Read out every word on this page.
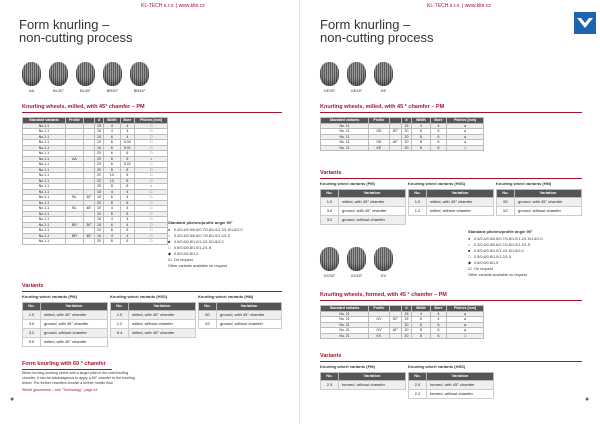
KL-TECH s.r.o. | www.klte.cz
Form knurling –
non-cutting process
AA	BL30°	BL45°	BR30°	BR45°
Knurling wheels, milled, with 45° chamfer – PM
Standard variants	Profile		d	Width	Bore	Pitches [mm]
No.1.1			15	4	4	□
No.1.1			15	4	4	□
No.1.1			15	6	4	□
No.1.1			15	6	6.00	□
No.1.1			15	6	6.01	□
No.1.1			20	6	6	□
No.1.1	AA		20	8	6	•
No.1.1			20	8	6.01	□
No.1.1			20	8	8	□
No.1.1			20	10	6	□
No.1.1			20	10	8	□
No.1.1			25	8	8	•
No.1.1			15	4	4	□
No.1.1	BL	30°	15	6	4	□
No.1.1			20	8	6	□
No.1.1	BL	45°	15	4	4	□
No.1.1			20	8	6	□
No.1.1			15	4	4	□
No.1.1	BR	30°	15	6	4	□
No.1.1			20	8	6	□
No.1.1	BR	45°	15	4	4	□
No.1.1			20	8	6	□
Standard pitches/profile angle 90°
● 0.3/0.4/0.5/0.6/0.7/0.8/1.0/1.2/1.5/1.6/2.0
○ 0.3/0.4/0.5/0.6/0.7/0.8/1.0/1.2/1.5
■ 0.5/0.6/0.8/1.0/1.2/1.5/1.6/2.0
□ 0.5/0.6/0.8/1.0/1.2/1.5
◆ 0.5/0.6/0.8/1.0
☑ On request
Other variants available on request
Variants
Knurling wheel variants (PM)
No.	Variation
1.0	milled, with 45° chamfer
3.0	ground, with 45° chamfer
3.2	ground, without chamfer
9.0	milled, with 45° chamfer
Knurling wheel variants (HSS)
No.	Variation
1.0	milled, with 45° chamfer
1.2	milled, without chamfer
9.4	milled, with 45° chamfer
Knurling wheel variants (HM)
No.	Variation
50	ground, with 45° chamfer
52	ground, without chamfer
Form knurling with 60 ° chamfer
When forming knurling wheel with a larger pitch is the cold knurling chamfer. It can be advantageous to apply a 60° chamfer to the knurling wheel. The further chamfers choose a further mobile flow.
Wheel geometries – see "Technology", page 44
●
KL-TECH s.r.o. | www.klte.cz
Form knurling –
non-cutting process
GE30°	GE45°	KE
Knurling wheels, milled, with 45 ° chamfer – PM
Standard variants	Profile		d	Width	Bore	Pitches [mm]
No. 11			15	4	4	●
No. 11	GE	30°	20	6	6	●
No. 11			20	8	6	●
No. 11	GE	45°	20	8	6	●
No. 11	KE		20	8	6	□
Variants
Knurling wheel variants (PM)
No.	Variation
1.0	milled, with 45° chamfer
3.0	ground, with 45° chamfer
3.2	ground, without chamfer
Knurling wheel variants (HSS)
No.	Variation
1.0	milled, with 45° chamfer
1.2	milled, without chamfer
Knurling wheel variants (HM)
No.	Variation
50	ground, with 45° chamfer
52	ground, without chamfer
GV30°	GV45°	KV
Standard pitches/profile angle 90°
● 0.3/0.4/0.5/0.6/0.7/0.8/1.0/1.2/1.5/1.6/2.0
○ 0.3/0.4/0.5/0.6/0.7/0.8/1.0/1.2/1.5
■ 0.5/0.6/0.8/1.0/1.2/1.5/1.6/2.0
□ 0.5/0.6/0.8/1.0/1.2/1.5
◆ 0.5/0.6/0.8/1.0
☑ On request
Other variants available on request
Knurling wheels, formed, with 45 ° chamfer – PM
Standard variants	Profile		d	Width	Bore	Pitches [mm]
No. 21			15	4	4	●
No. 21	GV	30°	15	6	4	●
No. 21			20	8	6	●
No. 21	GV	45°	20	8	6	●
No. 21	KV		20	8	6	□
Variants
Knurling wheel variants (PM)
No.	Variation
2.3	formed, without chamfer
Knurling wheel variants (HSS)
No.	Variation
2.0	formed, with 45° chamfer
2.2	formed, without chamfer
●
